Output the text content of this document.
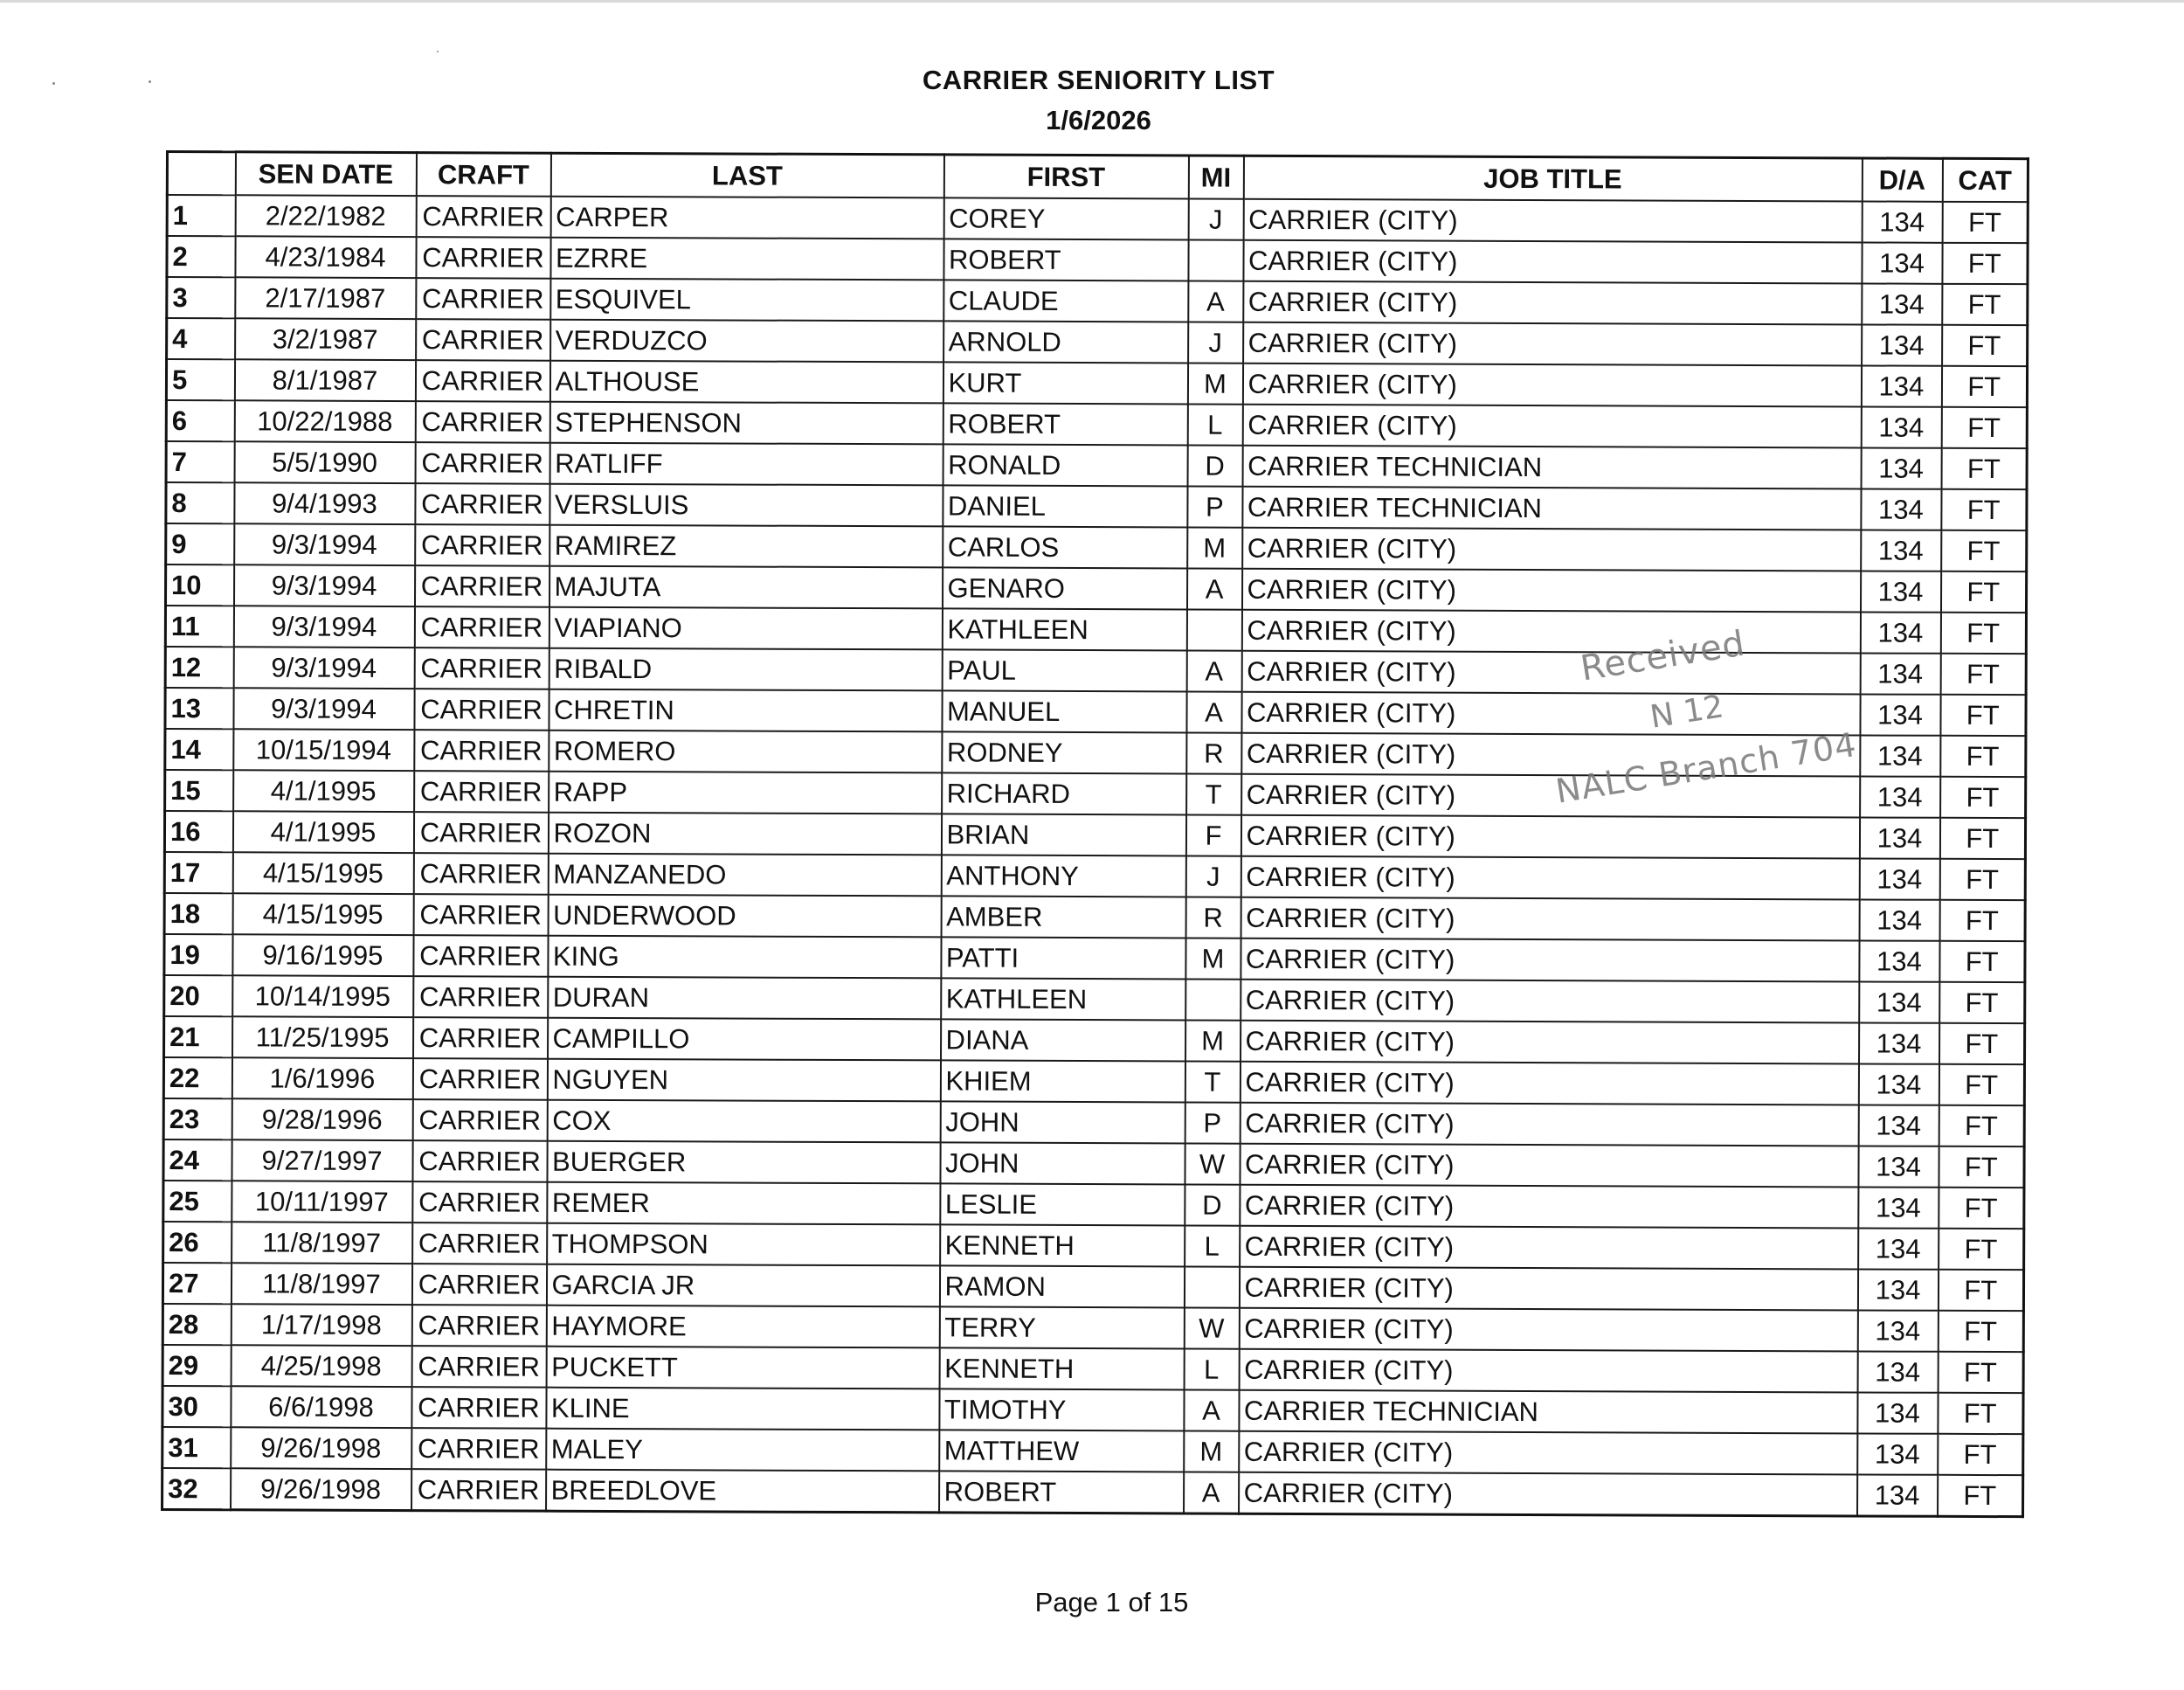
CARRIER SENIORITY LIST
1/6/2026
	SEN DATE	CRAFT	LAST	FIRST	MI	JOB TITLE	D/A	CAT
1	2/22/1982	CARRIER	CARPER	COREY	J	CARRIER (CITY)	134	FT
2	4/23/1984	CARRIER	EZRRE	ROBERT		CARRIER (CITY)	134	FT
3	2/17/1987	CARRIER	ESQUIVEL	CLAUDE	A	CARRIER (CITY)	134	FT
4	3/2/1987	CARRIER	VERDUZCO	ARNOLD	J	CARRIER (CITY)	134	FT
5	8/1/1987	CARRIER	ALTHOUSE	KURT	M	CARRIER (CITY)	134	FT
6	10/22/1988	CARRIER	STEPHENSON	ROBERT	L	CARRIER (CITY)	134	FT
7	5/5/1990	CARRIER	RATLIFF	RONALD	D	CARRIER TECHNICIAN	134	FT
8	9/4/1993	CARRIER	VERSLUIS	DANIEL	P	CARRIER TECHNICIAN	134	FT
9	9/3/1994	CARRIER	RAMIREZ	CARLOS	M	CARRIER (CITY)	134	FT
10	9/3/1994	CARRIER	MAJUTA	GENARO	A	CARRIER (CITY)	134	FT
11	9/3/1994	CARRIER	VIAPIANO	KATHLEEN		CARRIER (CITY)	134	FT
12	9/3/1994	CARRIER	RIBALD	PAUL	A	CARRIER (CITY)	134	FT
13	9/3/1994	CARRIER	CHRETIN	MANUEL	A	CARRIER (CITY)	134	FT
14	10/15/1994	CARRIER	ROMERO	RODNEY	R	CARRIER (CITY)	134	FT
15	4/1/1995	CARRIER	RAPP	RICHARD	T	CARRIER (CITY)	134	FT
16	4/1/1995	CARRIER	ROZON	BRIAN	F	CARRIER (CITY)	134	FT
17	4/15/1995	CARRIER	MANZANEDO	ANTHONY	J	CARRIER (CITY)	134	FT
18	4/15/1995	CARRIER	UNDERWOOD	AMBER	R	CARRIER (CITY)	134	FT
19	9/16/1995	CARRIER	KING	PATTI	M	CARRIER (CITY)	134	FT
20	10/14/1995	CARRIER	DURAN	KATHLEEN		CARRIER (CITY)	134	FT
21	11/25/1995	CARRIER	CAMPILLO	DIANA	M	CARRIER (CITY)	134	FT
22	1/6/1996	CARRIER	NGUYEN	KHIEM	T	CARRIER (CITY)	134	FT
23	9/28/1996	CARRIER	COX	JOHN	P	CARRIER (CITY)	134	FT
24	9/27/1997	CARRIER	BUERGER	JOHN	W	CARRIER (CITY)	134	FT
25	10/11/1997	CARRIER	REMER	LESLIE	D	CARRIER (CITY)	134	FT
26	11/8/1997	CARRIER	THOMPSON	KENNETH	L	CARRIER (CITY)	134	FT
27	11/8/1997	CARRIER	GARCIA JR	RAMON		CARRIER (CITY)	134	FT
28	1/17/1998	CARRIER	HAYMORE	TERRY	W	CARRIER (CITY)	134	FT
29	4/25/1998	CARRIER	PUCKETT	KENNETH	L	CARRIER (CITY)	134	FT
30	6/6/1998	CARRIER	KLINE	TIMOTHY	A	CARRIER TECHNICIAN	134	FT
31	9/26/1998	CARRIER	MALEY	MATTHEW	M	CARRIER (CITY)	134	FT
32	9/26/1998	CARRIER	BREEDLOVE	ROBERT	A	CARRIER (CITY)	134	FT
Received
N 12
NALC Branch 704
Page 1 of 15
